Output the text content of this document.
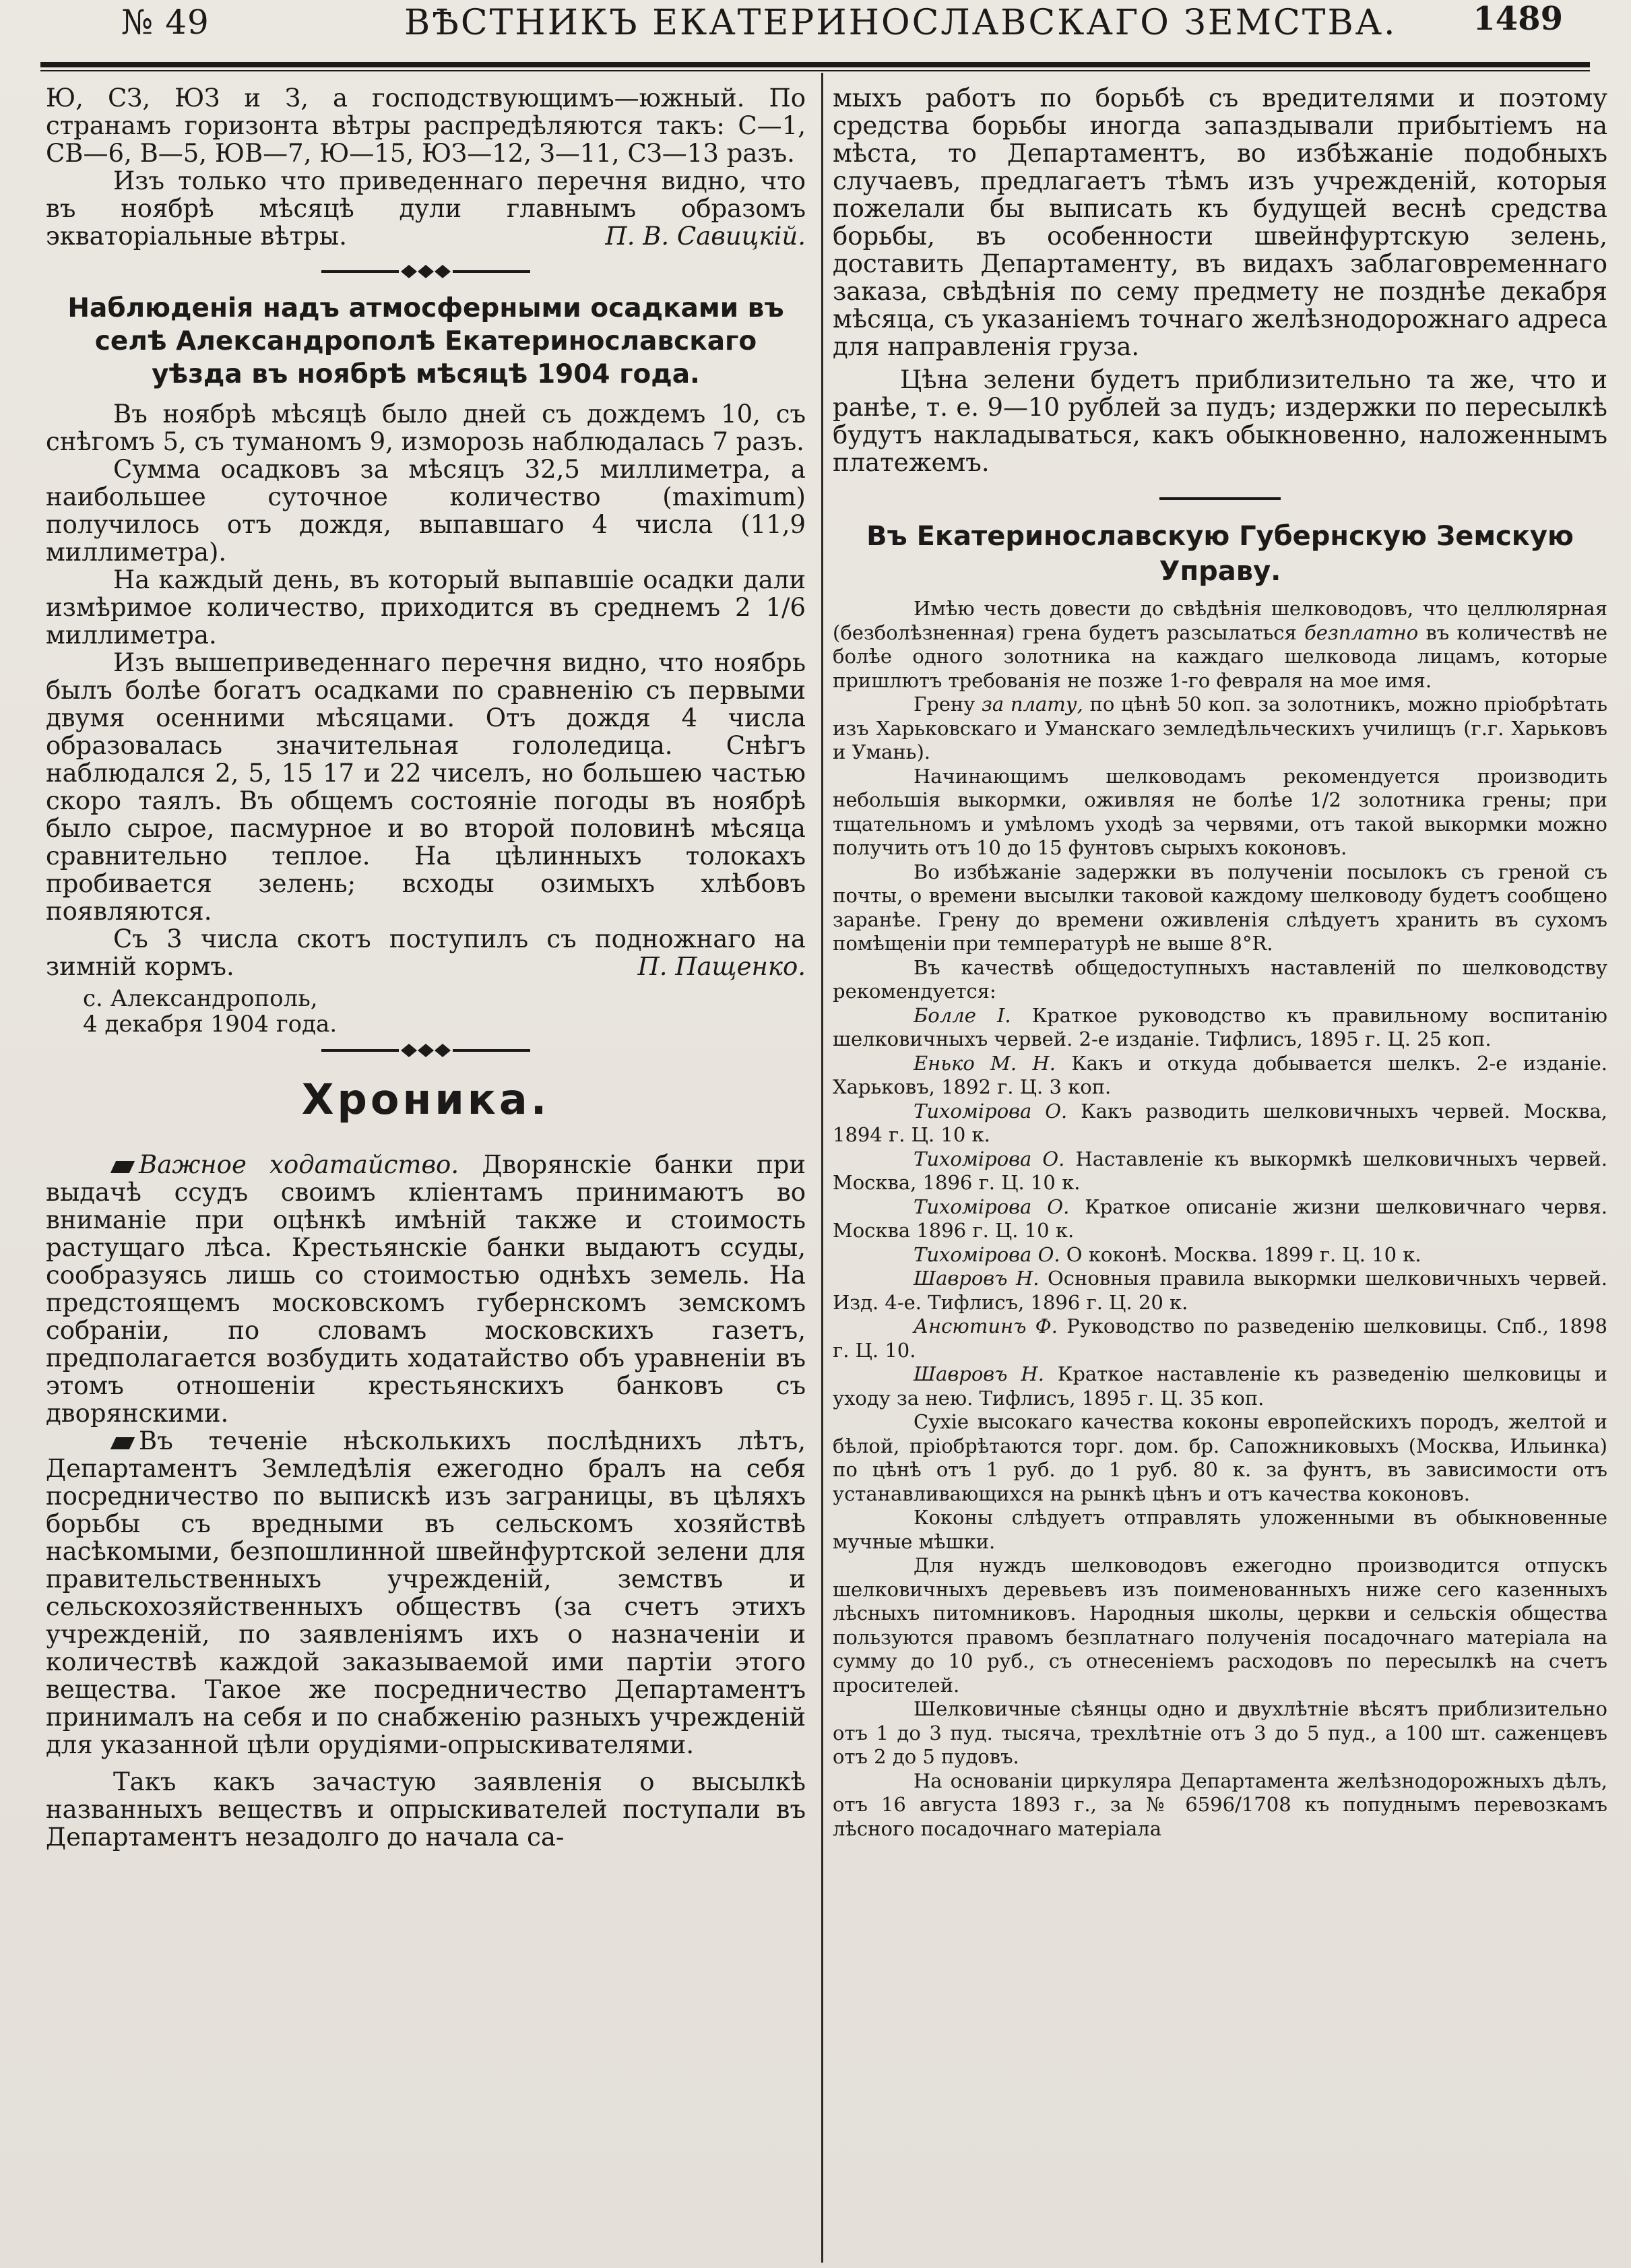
№ 49	ВѢСТНИКЪ ЕКАТЕРИНОСЛАВСКАГО ЗЕМСТВА. 1489

Ю, СЗ, ЮЗ и З, а господствующимъ—южный. По странамъ горизонта вѣтры распредѣляются такъ: С—1, СВ—6, В—5, ЮВ—7, Ю—15, ЮЗ—12, З—11, СЗ—13 разъ.

Изъ только что приведеннаго перечня видно, что въ ноябрѣ мѣсяцѣ дули главнымъ образомъ экваторіальные вѣтры.	П. В. Савицкій.

Наблюденія надъ атмосферными осадками въ селѣ Александрополѣ Екатеринославскаго уѣзда въ ноябрѣ мѣсяцѣ 1904 года.

Въ ноябрѣ мѣсяцѣ было дней съ дождемъ 10, съ снѣгомъ 5, съ туманомъ 9, изморозь наблюдалась 7 разъ.

Сумма осадковъ за мѣсяцъ 32,5 миллиметра, а наибольшее суточное количество (maximum) получилось отъ дождя, выпавшаго 4 числа (11,9 миллиметра).

На каждый день, въ который выпавшіе осадки дали измѣримое количество, приходится въ среднемъ 2 1/6 миллиметра.

Изъ вышеприведеннаго перечня видно, что ноябрь былъ болѣе богатъ осадками по сравненію съ первыми двумя осенними мѣсяцами. Отъ дождя 4 числа образовалась значительная гололедица. Снѣгъ наблюдался 2, 5, 15 17 и 22 чиселъ, но большею частью скоро таялъ. Въ общемъ состояніе погоды въ ноябрѣ было сырое, пасмурное и во второй половинѣ мѣсяца сравнительно теплое. На цѣлинныхъ толокахъ пробивается зелень; всходы озимыхъ хлѣбовъ появляются.

Съ 3 числа скотъ поступилъ съ подножнаго на зимній кормъ.	П. Пащенко.

с. Александрополь,
4 декабря 1904 года.
Хроника.

Важное ходатайство. Дворянскіе банки при выдачѣ ссудъ своимъ кліентамъ принимаютъ во вниманіе при оцѣнкѣ имѣній также и стоимость растущаго лѣса. Крестьянскіе банки выдаютъ ссуды, сообразуясь лишь со стоимостью однѣхъ земель. На предстоящемъ московскомъ губернскомъ земскомъ собраніи, по словамъ московскихъ газетъ, предполагается возбудить ходатайство объ уравненіи въ этомъ отношеніи крестьянскихъ банковъ съ дворянскими.

Въ теченіе нѣсколькихъ послѣднихъ лѣтъ, Департаментъ Земледѣлія ежегодно бралъ на себя посредничество по выпискѣ изъ заграницы, въ цѣляхъ борьбы съ вредными въ сельскомъ хозяйствѣ насѣкомыми, безпошлинной швейнфуртской зелени для правительственныхъ учрежденій, земствъ и сельскохозяйственныхъ обществъ (за счетъ этихъ учрежденій, по заявленіямъ ихъ о назначеніи и количествѣ каждой заказываемой ими партіи этого вещества. Такое же посредничество Департаментъ принималъ на себя и по снабженію разныхъ учрежденій для указанной цѣли орудіями-опрыскивателями.

Такъ какъ зачастую заявленія о высылкѣ названныхъ веществъ и опрыскивателей поступали въ Департаментъ незадолго до начала са-

мыхъ работъ по борьбѣ съ вредителями и поэтому средства борьбы иногда запаздывали прибытіемъ на мѣста, то Департаментъ, во избѣжаніе подобныхъ случаевъ, предлагаетъ тѣмъ изъ учрежденій, которыя пожелали бы выписать къ будущей веснѣ средства борьбы, въ особенности швейнфуртскую зелень, доставить Департаменту, въ видахъ заблаговременнаго заказа, свѣдѣнія по сему предмету не позднѣе декабря мѣсяца, съ указаніемъ точнаго желѣзнодорожнаго адреса для направленія груза.

Цѣна зелени будетъ приблизительно та же, что и ранѣе, т. е. 9—10 рублей за пудъ; издержки по пересылкѣ будутъ накладываться, какъ обыкновенно, наложеннымъ платежемъ.

Въ Екатеринославскую Губернскую Земскую Управу.

Имѣю честь довести до свѣдѣнія шелководовъ, что целлюлярная (безболѣзненная) грена будетъ разсылаться безплатно въ количествѣ не болѣе одного золотника на каждаго шелковода лицамъ, которые пришлютъ требованія не позже 1-го февраля на мое имя.

Грену за плату, по цѣнѣ 50 коп. за золотникъ, можно пріобрѣтать изъ Харьковскаго и Уманскаго земледѣльческихъ училищъ (г.г. Харьковъ и Умань).

Начинающимъ шелководамъ рекомендуется производить небольшія выкормки, оживляя не болѣе 1/2 золотника грены; при тщательномъ и умѣломъ уходѣ за червями, отъ такой выкормки можно получить отъ 10 до 15 фунтовъ сырыхъ коконовъ.

Во избѣжаніе задержки въ полученіи посылокъ съ греной съ почты, о времени высылки таковой каждому шелководу будетъ сообщено заранѣе. Грену до времени оживленія слѣдуетъ хранить въ сухомъ помѣщеніи при температурѣ не выше 8°R.

Въ качествѣ общедоступныхъ наставленій по шелководству рекомендуется:

Болле I. Краткое руководство къ правильному воспитанію шелковичныхъ червей. 2-е изданіе. Тифлисъ, 1895 г. Ц. 25 коп.

Енько М. Н. Какъ и откуда добывается шелкъ. 2-е изданіе. Харьковъ, 1892 г. Ц. 3 коп.

Тихомірова О. Какъ разводить шелковичныхъ червей. Москва, 1894 г. Ц. 10 к.

Тихомірова О. Наставленіе къ выкормкѣ шелковичныхъ червей. Москва, 1896 г. Ц. 10 к.

Тихомірова О. Краткое описаніе жизни шелковичнаго червя. Москва 1896 г. Ц. 10 к.

Тихомірова О. О коконѣ. Москва. 1899 г. Ц. 10 к.

Шавровъ Н. Основныя правила выкормки шелковичныхъ червей. Изд. 4-е. Тифлисъ, 1896 г. Ц. 20 к.

Ансютинъ Ф. Руководство по разведенію шелковицы. Спб., 1898 г. Ц. 10.

Шавровъ Н. Краткое наставленіе къ разведенію шелковицы и уходу за нею. Тифлисъ, 1895 г. Ц. 35 коп.

Сухіе высокаго качества коконы европейскихъ породъ, желтой и бѣлой, пріобрѣтаются торг. дом. бр. Сапожниковыхъ (Москва, Ильинка) по цѣнѣ отъ 1 руб. до 1 руб. 80 к. за фунтъ, въ зависимости отъ устанавливающихся на рынкѣ цѣнъ и отъ качества коконовъ.

Коконы слѣдуетъ отправлять уложенными въ обыкновенные мучные мѣшки.

Для нуждъ шелководовъ ежегодно производится отпускъ шелковичныхъ деревьевъ изъ поименованныхъ ниже сего казенныхъ лѣсныхъ питомниковъ. Народныя школы, церкви и сельскія общества пользуются правомъ безплатнаго полученія посадочнаго матеріала на сумму до 10 руб., съ отнесеніемъ расходовъ по пересылкѣ на счетъ просителей.

Шелковичные сѣянцы одно и двухлѣтніе вѣсятъ приблизительно отъ 1 до 3 пуд. тысяча, трехлѣтніе отъ 3 до 5 пуд., а 100 шт. саженцевъ отъ 2 до 5 пудовъ.

На основаніи циркуляра Департамента желѣзнодорожныхъ дѣлъ, отъ 16 августа 1893 г., за № 6596/1708 къ попуднымъ перевозкамъ лѣсного посадочнаго матеріала
